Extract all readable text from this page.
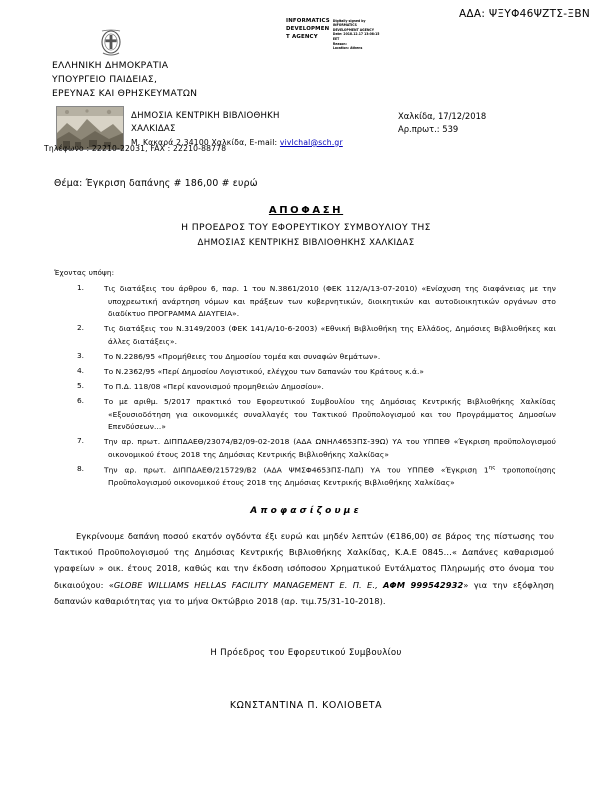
ΑΔΑ: ΨΞΥΦ46ΨΖΤΣ-ΞΒΝ
INFORMATICS
DEVELOPMEN
T AGENCY
Digitally signed by
INFORMATICS
DEVELOPMENT AGENCY
Date: 2018.12.17 13:08:15
EET
Reason:
Location: Athens
ΕΛΛΗΝΙΚΗ ΔΗΜΟΚΡΑΤΙΑ
ΥΠΟΥΡΓΕΙΟ ΠΑΙΔΕΙΑΣ,
ΕΡΕΥΝΑΣ ΚΑΙ ΘΡΗΣΚΕΥΜΑΤΩΝ
ΔΗΜΟΣΙΑ ΚΕΝΤΡΙΚΗ ΒΙΒΛΙΟΘΗΚΗ
ΧΑΛΚΙΔΑΣ
Μ. Κακαρά 2,34100 Χαλκίδα, E-mail: vivlchal@sch.gr
Τηλέφωνο : 22210-22031, FAX : 22210-88778
Χαλκίδα, 17/12/2018
Αρ.πρωτ.: 539
Θέμα: Έγκριση δαπάνης # 186,00 # ευρώ
ΑΠΟΦΑΣΗ
Η ΠΡΟΕΔΡΟΣ ΤΟΥ ΕΦΟΡΕΥΤΙΚΟΥ ΣΥΜΒΟΥΛΙΟΥ ΤΗΣ
ΔΗΜΟΣΙΑΣ ΚΕΝΤΡΙΚΗΣ ΒΙΒΛΙΟΘΗΚΗΣ ΧΑΛΚΙΔΑΣ
Έχοντας υπόψη:
1.	Τις διατάξεις του άρθρου 6, παρ. 1 του Ν.3861/2010 (ΦΕΚ 112/Α/13-07-2010) «Ενίσχυση της διαφάνειας με την υποχρεωτική ανάρτηση νόμων και πράξεων των κυβερνητικών, διοικητικών και αυτοδιοικητικών οργάνων στο διαδίκτυο ΠΡΟΓΡΑΜΜΑ ΔΙΑΥΓΕΙΑ».
2.	Τις διατάξεις του Ν.3149/2003 (ΦΕΚ 141/Α/10-6-2003) «Εθνική Βιβλιοθήκη της Ελλάδος, Δημόσιες Βιβλιοθήκες και άλλες διατάξεις».
3.	Το Ν.2286/95 «Προμήθειες του Δημοσίου τομέα και συναφών θεμάτων».
4.	Το Ν.2362/95 «Περί Δημοσίου Λογιστικού, ελέγχου των δαπανών του Κράτους κ.ά.»
5.	Το Π.Δ. 118/08 «Περί κανονισμού προμηθειών Δημοσίου».
6.	Το με αριθμ. 5/2017 πρακτικό του Εφορευτικού Συμβουλίου της Δημόσιας Κεντρικής Βιβλιοθήκης Χαλκίδας «Εξουσιοδότηση για οικονομικές συναλλαγές του Τακτικού Προϋπολογισμού και του Προγράμματος Δημοσίων Επενδύσεων...»
7.	Την αρ. πρωτ. ΔΙΠΠΔΑΕΘ/23074/Β2/09-02-2018 (ΑΔΑ ΩΝΗΛ4653ΠΣ-39Ω) ΥΑ του ΥΠΠΕΘ «Έγκριση προϋπολογισμού οικονομικού έτους 2018 της Δημόσιας Κεντρικής Βιβλιοθήκης Χαλκίδας»
8.	Την αρ. πρωτ. ΔΙΠΠΔΑΕΘ/215729/Β2 (ΑΔΑ ΨΜΣΦ4653ΠΣ-ΠΔΠ) ΥΑ του ΥΠΠΕΘ «Έγκριση $1^{\eta\varsigma}$ τροποποίησης Προϋπολογισμού οικονομικού έτους 2018 της Δημόσιας Κεντρικής Βιβλιοθήκης Χαλκίδας»
Αποφασίζουμε
Εγκρίνουμε δαπάνη ποσού εκατόν ογδόντα έξι ευρώ και μηδέν λεπτών (€186,00) σε βάρος της πίστωσης του Τακτικού Προϋπολογισμού της Δημόσιας Κεντρικής Βιβλιοθήκης Χαλκίδας, Κ.Α.Ε 0845...« Δαπάνες καθαρισμού γραφείων » οικ. έτους 2018, καθώς και την έκδοση ισόποσου Χρηματικού Εντάλματος Πληρωμής στο όνομα του δικαιούχου: «GLOBE WILLIAMS HELLAS FACILITY MANAGEMENT Ε. Π. Ε., ΑΦΜ 999542932» για την εξόφληση δαπανών καθαριότητας για το μήνα Οκτώβριο 2018 (αρ. τιμ.75/31-10-2018).
Η Πρόεδρος του Εφορευτικού Συμβουλίου
ΚΩΝΣΤΑΝΤΙΝΑ Π. ΚΟΛΙΟΒΕΤΑ
